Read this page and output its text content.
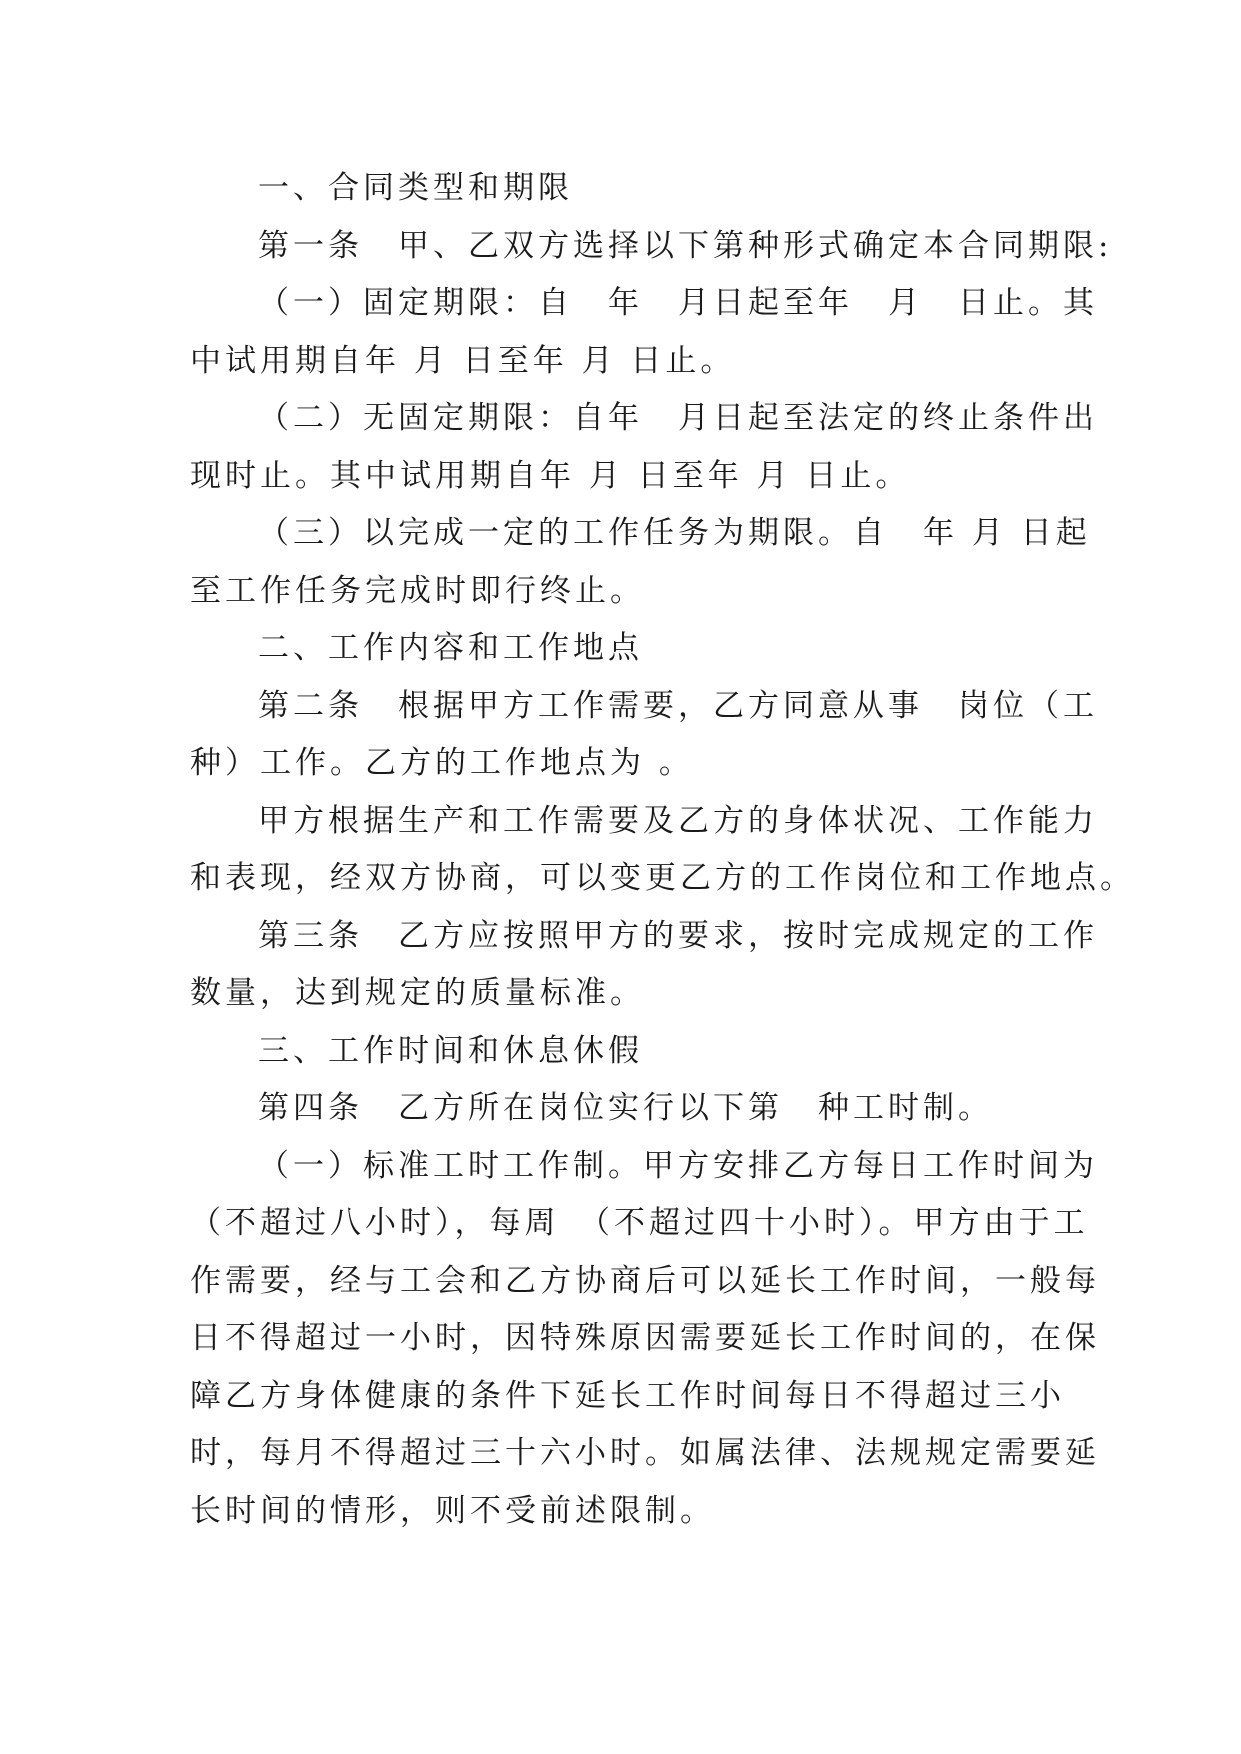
一、合同类型和期限
第一条　甲、乙双方选择以下第种形式确定本合同期限:
（一）固定期限：自　年　月日起至年　月　日止。其
中试用期自年 月 日至年 月 日止。
（二）无固定期限：自年　月日起至法定的终止条件出
现时止。其中试用期自年 月 日至年 月 日止。
（三）以完成一定的工作任务为期限。自　年 月 日起
至工作任务完成时即行终止。
二、工作内容和工作地点
第二条　根据甲方工作需要，乙方同意从事　岗位（工
种）工作。乙方的工作地点为 。
甲方根据生产和工作需要及乙方的身体状况、工作能力
和表现，经双方协商，可以变更乙方的工作岗位和工作地点。
第三条　乙方应按照甲方的要求，按时完成规定的工作
数量，达到规定的质量标准。
三、工作时间和休息休假
第四条　乙方所在岗位实行以下第　种工时制。
（一）标准工时工作制。甲方安排乙方每日工作时间为
（不超过八小时），每周　（不超过四十小时）。甲方由于工
作需要，经与工会和乙方协商后可以延长工作时间，一般每
日不得超过一小时，因特殊原因需要延长工作时间的，在保
障乙方身体健康的条件下延长工作时间每日不得超过三小
时，每月不得超过三十六小时。如属法律、法规规定需要延
长时间的情形，则不受前述限制。
